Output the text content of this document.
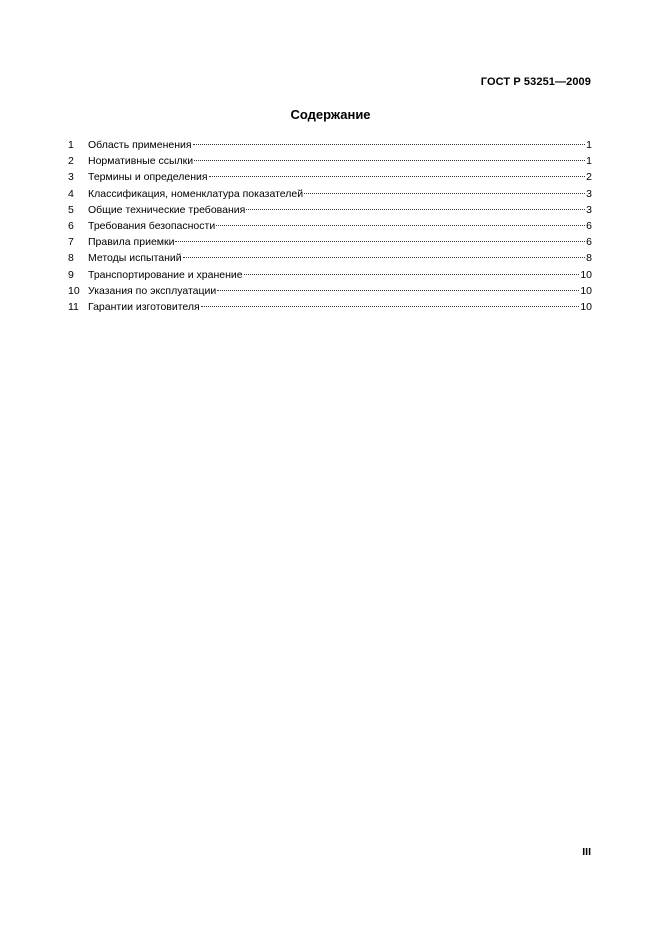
ГОСТ Р 53251—2009
Содержание
1	Область применения	1
2	Нормативные ссылки	1
3	Термины и определения	2
4	Классификация, номенклатура показателей	3
5	Общие технические требования	3
6	Требования безопасности	6
7	Правила приемки	6
8	Методы испытаний	8
9	Транспортирование и хранение	10
10 Указания по эксплуатации	10
11 Гарантии изготовителя	10
III
